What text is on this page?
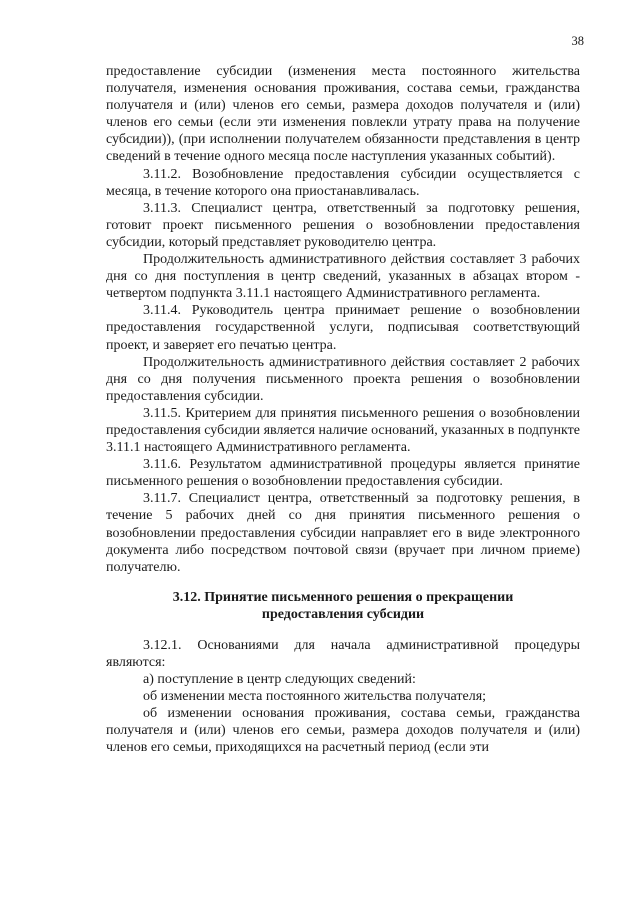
38

предоставление субсидии (изменения места постоянного жительства получателя, изменения основания проживания, состава семьи, гражданства получателя и (или) членов его семьи, размера доходов получателя и (или) членов его семьи (если эти изменения повлекли утрату права на получение субсидии)), (при исполнении получателем обязанности представления в центр сведений в течение одного месяца после наступления указанных событий).

3.11.2. Возобновление предоставления субсидии осуществляется с месяца, в течение которого она приостанавливалась.

3.11.3. Специалист центра, ответственный за подготовку решения, готовит проект письменного решения о возобновлении предоставления субсидии, который представляет руководителю центра.

Продолжительность административного действия составляет 3 рабочих дня со дня поступления в центр сведений, указанных в абзацах втором - четвертом подпункта 3.11.1 настоящего Административного регламента.

3.11.4. Руководитель центра принимает решение о возобновлении предоставления государственной услуги, подписывая соответствующий проект, и заверяет его печатью центра.

Продолжительность административного действия составляет 2 рабочих дня со дня получения письменного проекта решения о возобновлении предоставления субсидии.

3.11.5. Критерием для принятия письменного решения о возобновлении предоставления субсидии является наличие оснований, указанных в подпункте 3.11.1 настоящего Административного регламента.

3.11.6. Результатом административной процедуры является принятие письменного решения о возобновлении предоставления субсидии.

3.11.7. Специалист центра, ответственный за подготовку решения, в течение 5 рабочих дней со дня принятия письменного решения о возобновлении предоставления субсидии направляет его в виде электронного документа либо посредством почтовой связи (вручает при личном приеме) получателю.

3.12. Принятие письменного решения о прекращении предоставления субсидии

3.12.1. Основаниями для начала административной процедуры являются:

а) поступление в центр следующих сведений:

об изменении места постоянного жительства получателя;

об изменении основания проживания, состава семьи, гражданства получателя и (или) членов его семьи, размера доходов получателя и (или) членов его семьи, приходящихся на расчетный период (если эти
